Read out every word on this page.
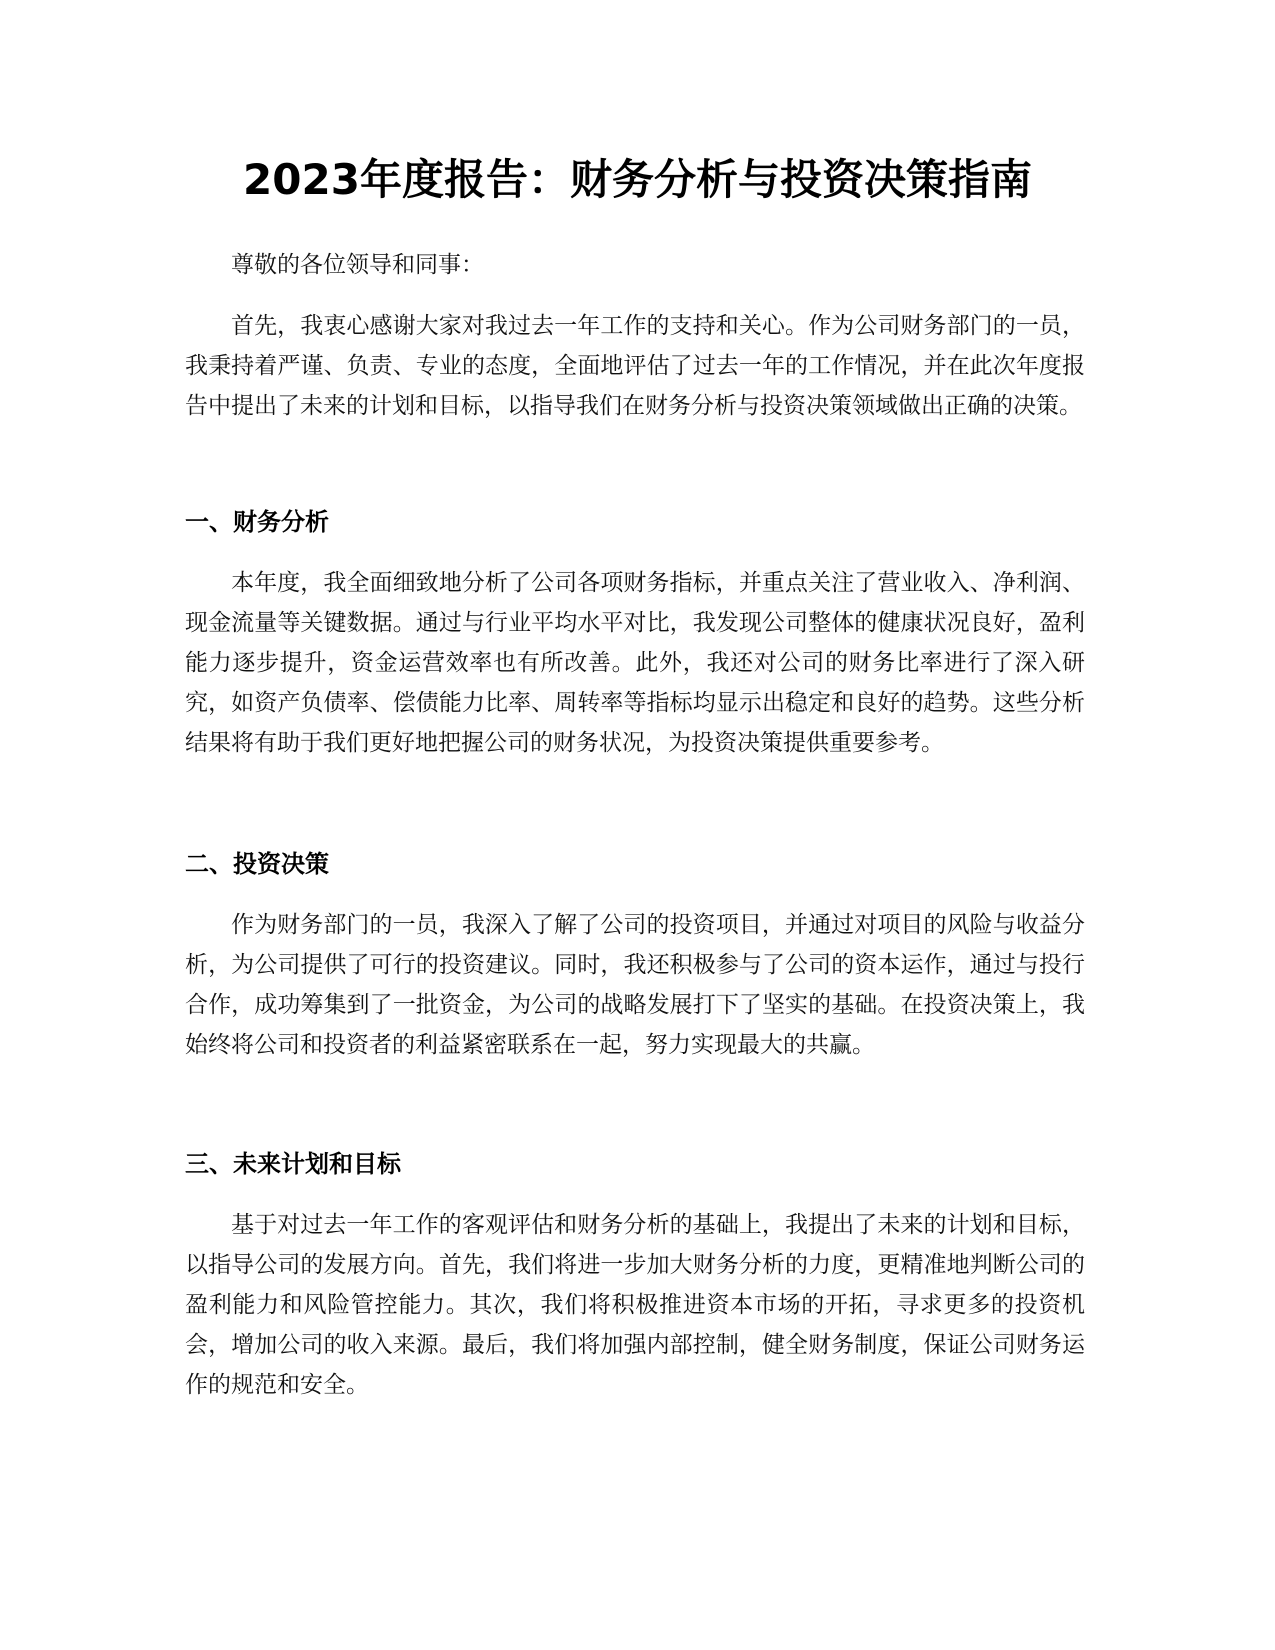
2023年度报告：财务分析与投资决策指南

尊敬的各位领导和同事：

首先，我衷心感谢大家对我过去一年工作的支持和关心。作为公司财务部门的一员，我秉持着严谨、负责、专业的态度，全面地评估了过去一年的工作情况，并在此次年度报告中提出了未来的计划和目标，以指导我们在财务分析与投资决策领域做出正确的决策。

一、财务分析

本年度，我全面细致地分析了公司各项财务指标，并重点关注了营业收入、净利润、现金流量等关键数据。通过与行业平均水平对比，我发现公司整体的健康状况良好，盈利能力逐步提升，资金运营效率也有所改善。此外，我还对公司的财务比率进行了深入研究，如资产负债率、偿债能力比率、周转率等指标均显示出稳定和良好的趋势。这些分析结果将有助于我们更好地把握公司的财务状况，为投资决策提供重要参考。

二、投资决策

作为财务部门的一员，我深入了解了公司的投资项目，并通过对项目的风险与收益分析，为公司提供了可行的投资建议。同时，我还积极参与了公司的资本运作，通过与投行合作，成功筹集到了一批资金，为公司的战略发展打下了坚实的基础。在投资决策上，我始终将公司和投资者的利益紧密联系在一起，努力实现最大的共赢。

三、未来计划和目标

基于对过去一年工作的客观评估和财务分析的基础上，我提出了未来的计划和目标，以指导公司的发展方向。首先，我们将进一步加大财务分析的力度，更精准地判断公司的盈利能力和风险管控能力。其次，我们将积极推进资本市场的开拓，寻求更多的投资机会，增加公司的收入来源。最后，我们将加强内部控制，健全财务制度，保证公司财务运作的规范和安全。
